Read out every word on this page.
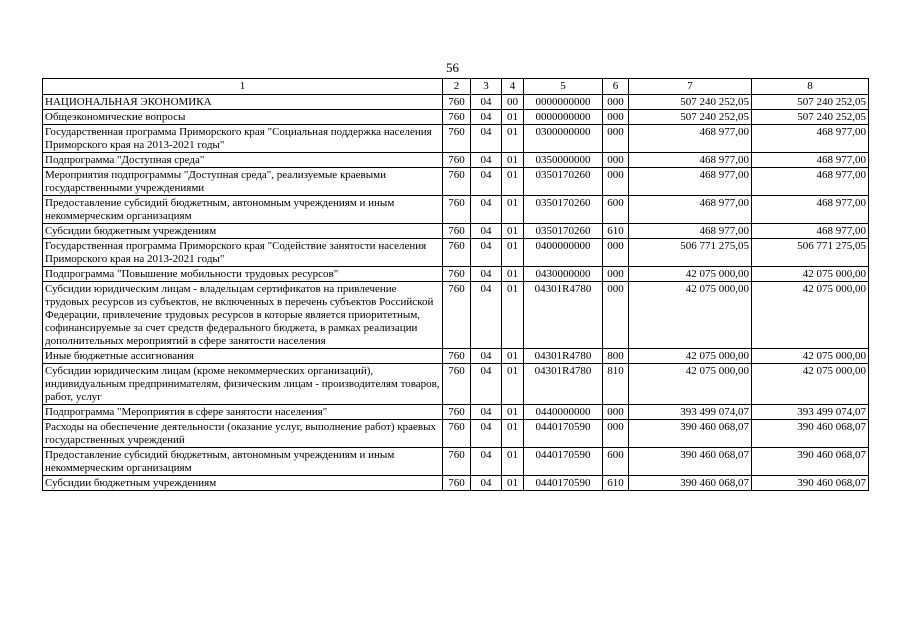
56
1	2	3	4	5	6	7	8
НАЦИОНАЛЬНАЯ ЭКОНОМИКА	760	04	00	0000000000	000	507 240 252,05	507 240 252,05
Общеэкономические вопросы	760	04	01	0000000000	000	507 240 252,05	507 240 252,05
Государственная программа Приморского края "Социальная поддержка населения Приморского края на 2013-2021 годы"	760	04	01	0300000000	000	468 977,00	468 977,00
Подпрограмма "Доступная среда"	760	04	01	0350000000	000	468 977,00	468 977,00
Мероприятия подпрограммы "Доступная среда", реализуемые краевыми государственными учреждениями	760	04	01	0350170260	000	468 977,00	468 977,00
Предоставление субсидий бюджетным, автономным учреждениям и иным некоммерческим организациям	760	04	01	0350170260	600	468 977,00	468 977,00
Субсидии бюджетным учреждениям	760	04	01	0350170260	610	468 977,00	468 977,00
Государственная программа Приморского края "Содействие занятости населения Приморского края на 2013-2021 годы"	760	04	01	0400000000	000	506 771 275,05	506 771 275,05
Подпрограмма "Повышение мобильности трудовых ресурсов"	760	04	01	0430000000	000	42 075 000,00	42 075 000,00
Субсидии юридическим лицам - владельцам сертификатов на привлечение трудовых ресурсов из субъектов, не включенных в перечень субъектов Российской Федерации, привлечение трудовых ресурсов в которые является приоритетным, софинансируемые за счет средств федерального бюджета, в рамках реализации дополнительных мероприятий в сфере занятости населения	760	04	01	04301R4780	000	42 075 000,00	42 075 000,00
Иные бюджетные ассигнования	760	04	01	04301R4780	800	42 075 000,00	42 075 000,00
Субсидии юридическим лицам (кроме некоммерческих организаций), индивидуальным предпринимателям, физическим лицам - производителям товаров, работ, услуг	760	04	01	04301R4780	810	42 075 000,00	42 075 000,00
Подпрограмма "Мероприятия в сфере занятости населения"	760	04	01	0440000000	000	393 499 074,07	393 499 074,07
Расходы на обеспечение деятельности (оказание услуг, выполнение работ) краевых государственных учреждений	760	04	01	0440170590	000	390 460 068,07	390 460 068,07
Предоставление субсидий бюджетным, автономным учреждениям и иным некоммерческим организациям	760	04	01	0440170590	600	390 460 068,07	390 460 068,07
Субсидии бюджетным учреждениям	760	04	01	0440170590	610	390 460 068,07	390 460 068,07
